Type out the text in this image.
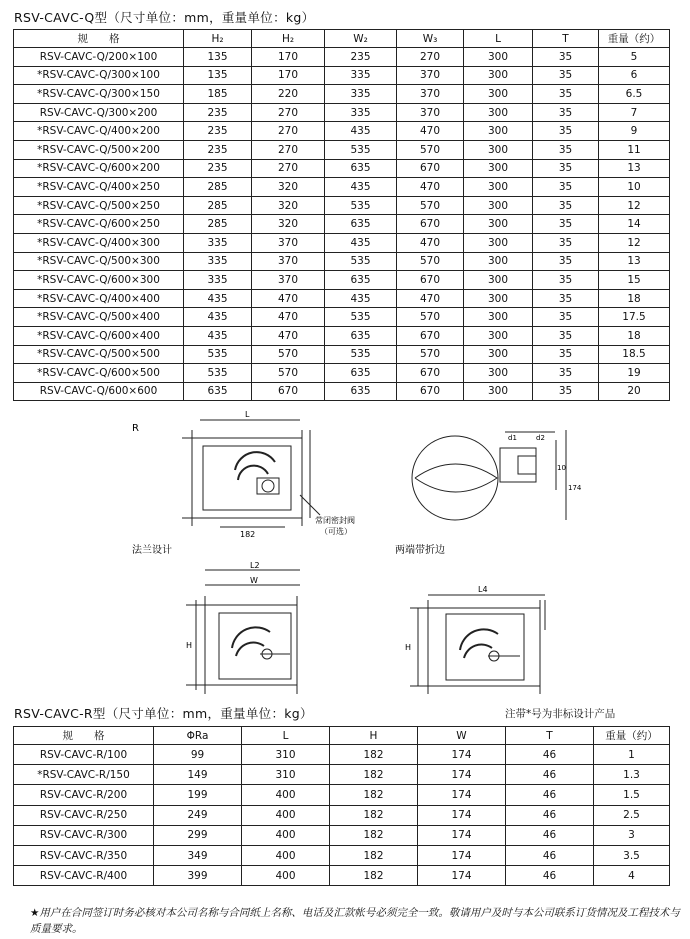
RSV-CAVC-Q型（尺寸单位：mm，重量单位：kg）
规　　格	H₂	H₂	W₂	W₃	L	T	重量（约）
RSV-CAVC-Q/200×100	135	170	235	270	300	35	5
*RSV-CAVC-Q/300×100	135	170	335	370	300	35	6
*RSV-CAVC-Q/300×150	185	220	335	370	300	35	6.5
RSV-CAVC-Q/300×200	235	270	335	370	300	35	7
*RSV-CAVC-Q/400×200	235	270	435	470	300	35	9
*RSV-CAVC-Q/500×200	235	270	535	570	300	35	11
*RSV-CAVC-Q/600×200	235	270	635	670	300	35	13
*RSV-CAVC-Q/400×250	285	320	435	470	300	35	10
*RSV-CAVC-Q/500×250	285	320	535	570	300	35	12
*RSV-CAVC-Q/600×250	285	320	635	670	300	35	14
*RSV-CAVC-Q/400×300	335	370	435	470	300	35	12
*RSV-CAVC-Q/500×300	335	370	535	570	300	35	13
*RSV-CAVC-Q/600×300	335	370	635	670	300	35	15
*RSV-CAVC-Q/400×400	435	470	435	470	300	35	18
*RSV-CAVC-Q/500×400	435	470	535	570	300	35	17.5
*RSV-CAVC-Q/600×400	435	470	635	670	300	35	18
*RSV-CAVC-Q/500×500	535	570	535	570	300	35	18.5
*RSV-CAVC-Q/600×500	535	570	635	670	300	35	19
RSV-CAVC-Q/600×600	635	670	635	670	300	35	20
R
182
L
常闭密封阀
（可选）
法兰设计
d1	d2
10
174
两端带折边
L2
W
H
L4
H
RSV-CAVC-R型（尺寸单位：mm，重量单位：kg）	注带*号为非标设计产品
规　　格	ΦRa	L	H	W	T	重量（约）
RSV-CAVC-R/100	99	310	182	174	46	1
*RSV-CAVC-R/150	149	310	182	174	46	1.3
RSV-CAVC-R/200	199	400	182	174	46	1.5
RSV-CAVC-R/250	249	400	182	174	46	2.5
RSV-CAVC-R/300	299	400	182	174	46	3
RSV-CAVC-R/350	349	400	182	174	46	3.5
RSV-CAVC-R/400	399	400	182	174	46	4
★用户在合同签订时务必核对本公司名称与合同纸上名称、电话及汇款帐号必须完全一致。敬请用户及时与本公司联系订货情况及工程技术与质量要求。
